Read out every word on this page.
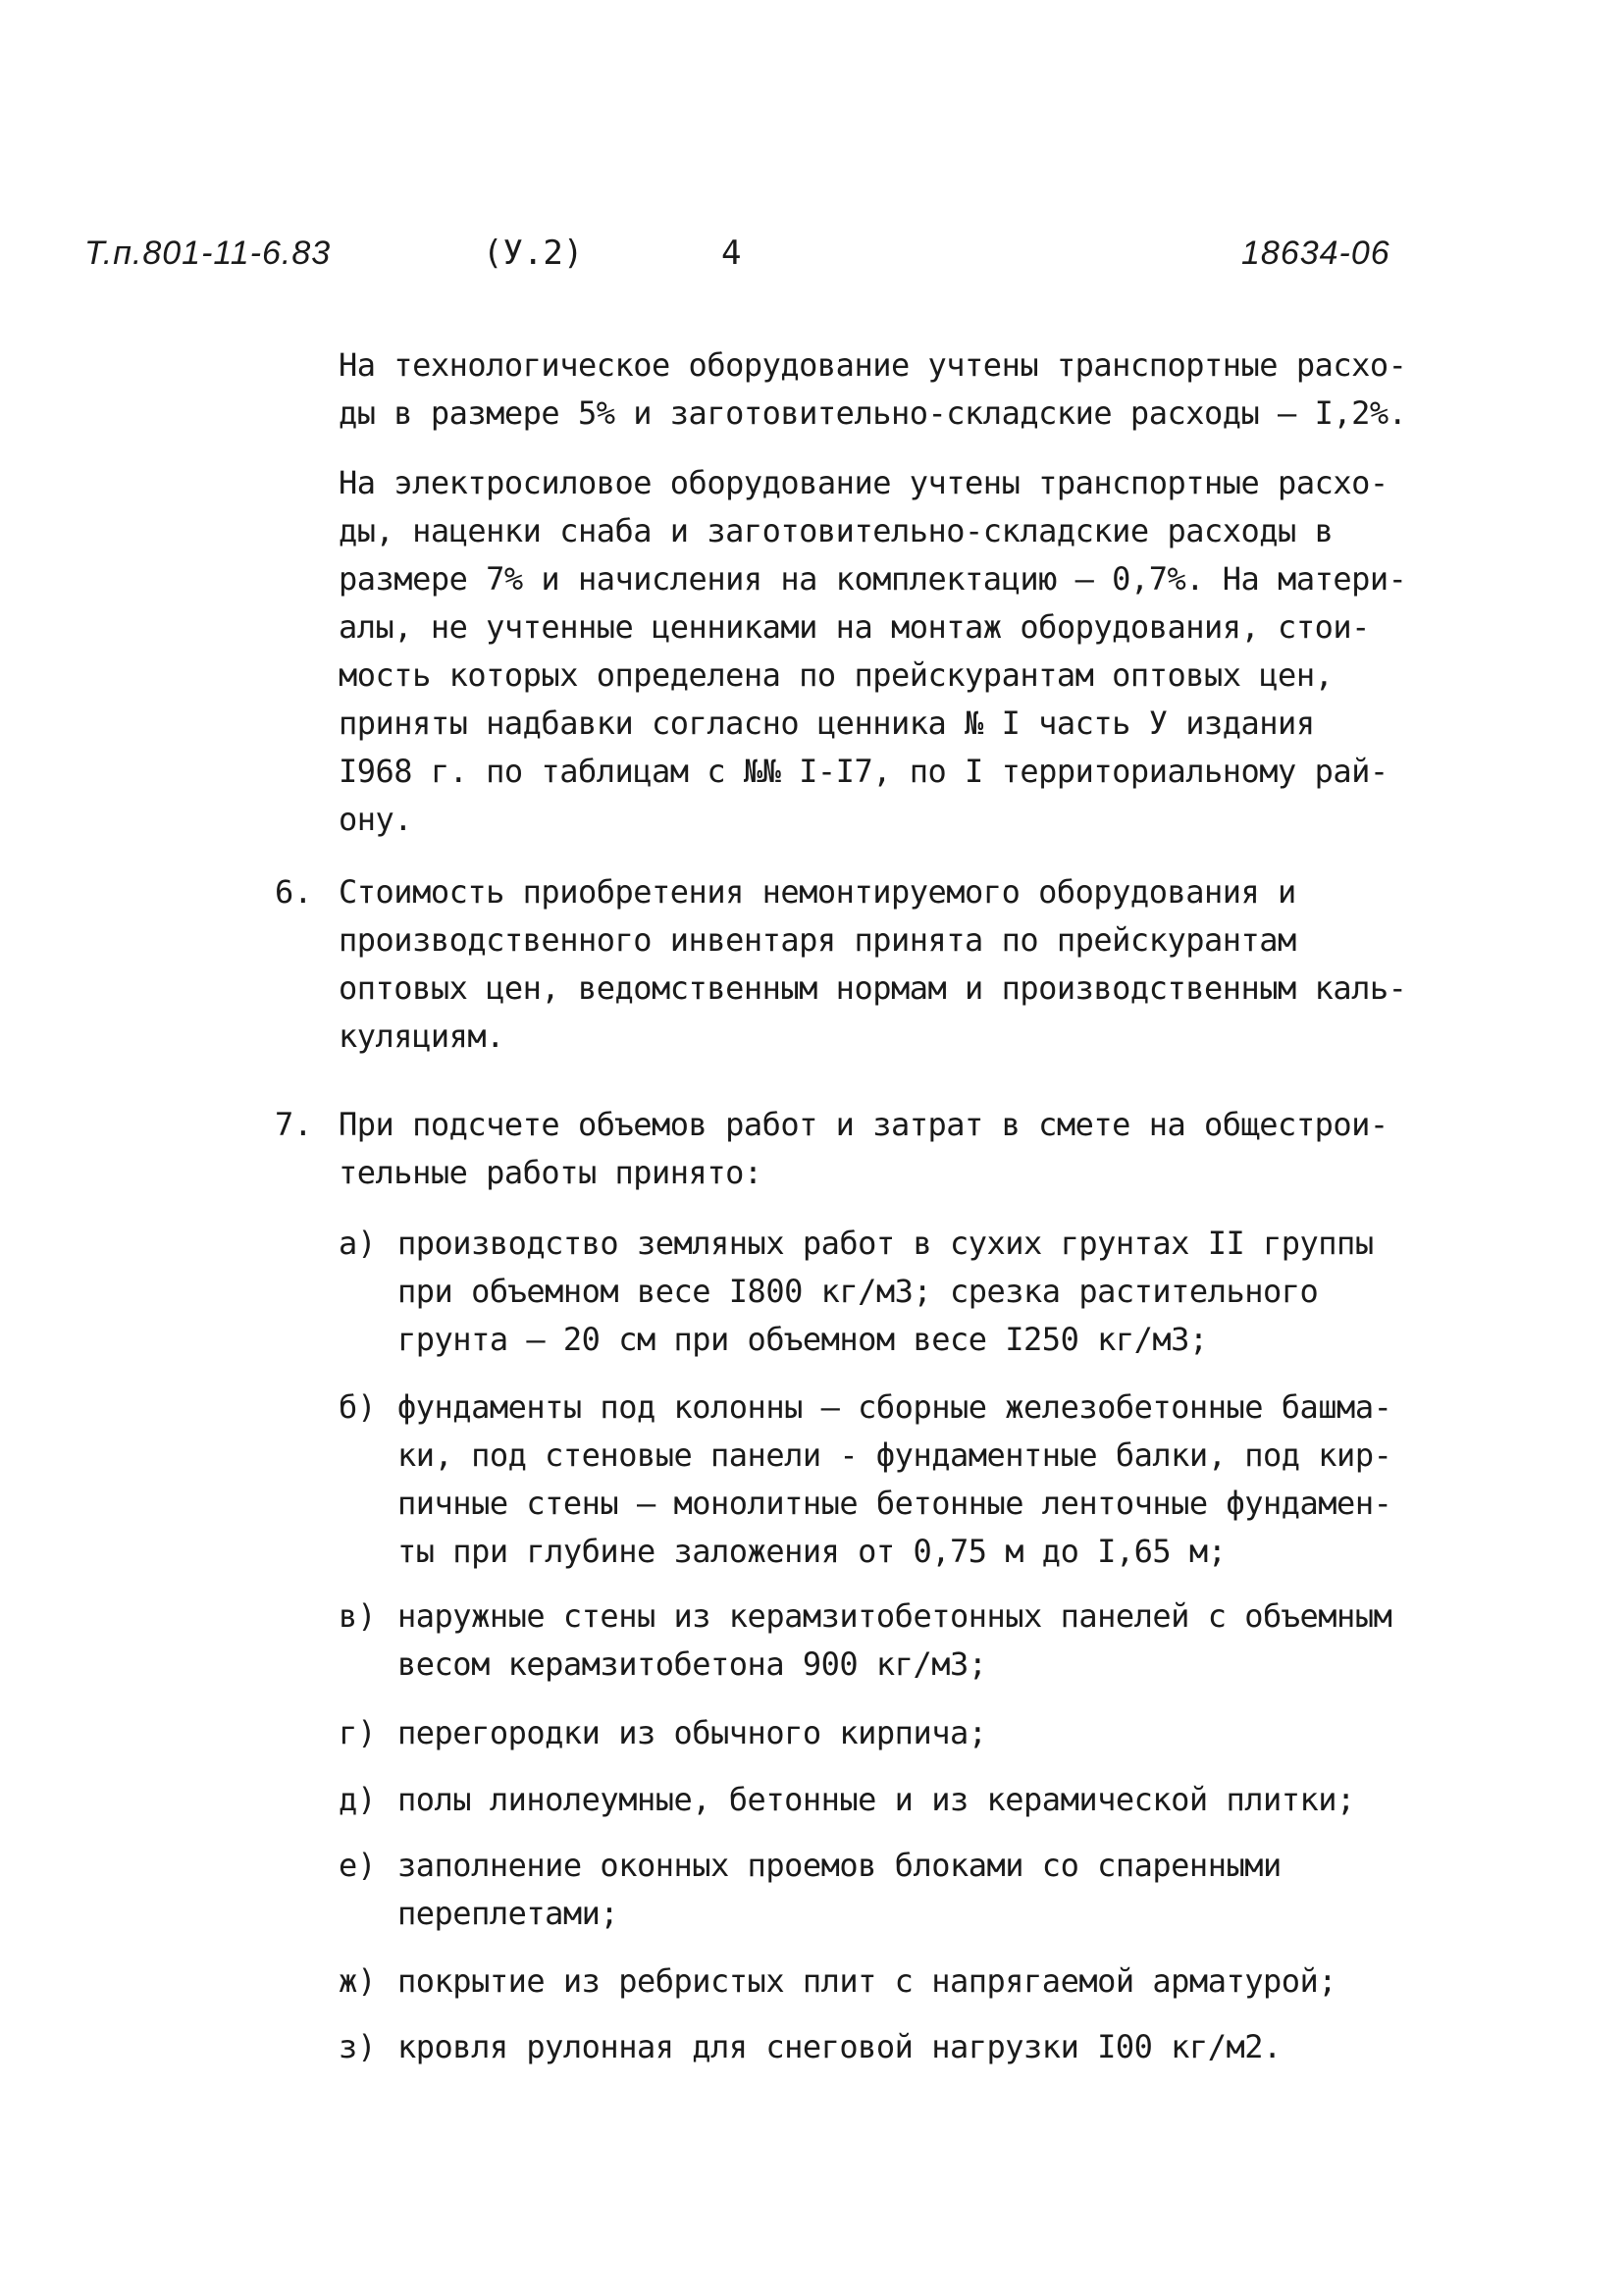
Т.п.801-11-6.83	(У.2)	4	18634-06
На технологическое оборудование учтены транспортные расхо-
ды в размере 5% и заготовительно-складские расходы – I,2%.
На электросиловое оборудование учтены транспортные расхо-
ды, наценки снаба и заготовительно-складские расходы в
размере 7% и начисления на комплектацию – 0,7%. На матери-
алы, не учтенные ценниками на монтаж оборудования, стои-
мость которых определена по прейскурантам оптовых цен,
приняты надбавки согласно ценника № I часть У издания
I968 г. по таблицам с №№ I-I7, по I территориальному рай-
ону.
6. Стоимость приобретения немонтируемого оборудования и
производственного инвентаря принята по прейскурантам
оптовых цен, ведомственным нормам и производственным каль-
куляциям.
7. При подсчете объемов работ и затрат в смете на общестрои-
тельные работы принято:
а) производство земляных работ в сухих грунтах II группы
при объемном весе I800 кг/м3; срезка растительного
грунта – 20 см при объемном весе I250 кг/м3;
б) фундаменты под колонны – сборные железобетонные башма-
ки, под стеновые панели - фундаментные балки, под кир-
пичные стены – монолитные бетонные ленточные фундамен-
ты при глубине заложения от 0,75 м до I,65 м;
в) наружные стены из керамзитобетонных панелей с объемным
весом керамзитобетона 900 кг/м3;
г) перегородки из обычного кирпича;
д) полы линолеумные, бетонные и из керамической плитки;
е) заполнение оконных проемов блоками со спаренными
переплетами;
ж) покрытие из ребристых плит с напрягаемой арматурой;
з) кровля рулонная для снеговой нагрузки I00 кг/м2.
